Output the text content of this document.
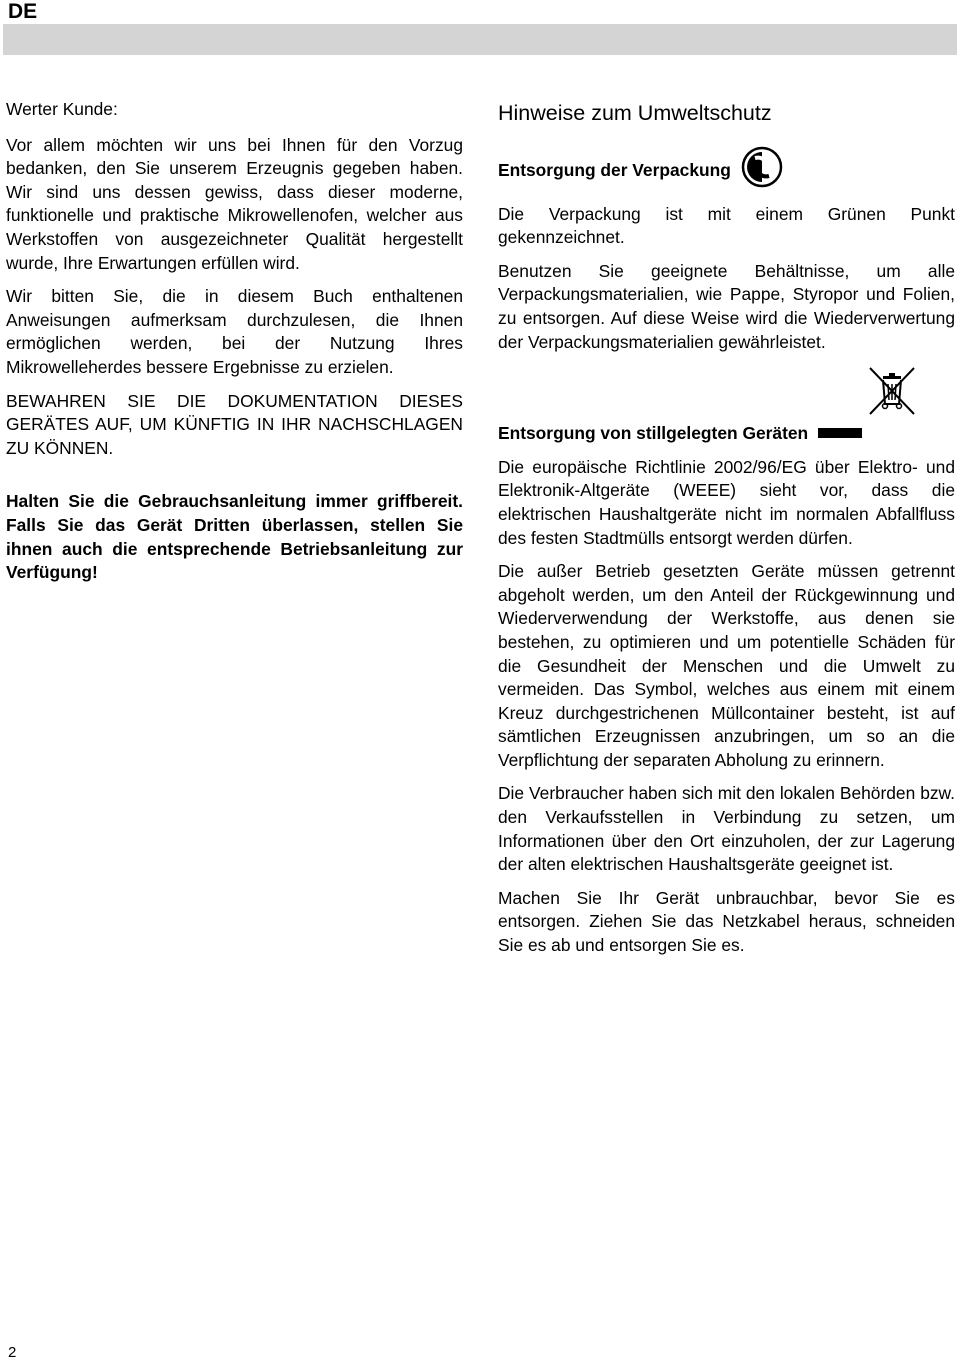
DE

Werter Kunde:

Vor allem möchten wir uns bei Ihnen für den Vorzug bedanken, den Sie unserem Erzeugnis gegeben haben. Wir sind uns dessen gewiss, dass dieser moderne, funktionelle und praktische Mikrowellenofen, welcher aus Werkstoffen von ausgezeichneter Qualität hergestellt wurde, Ihre Erwartungen erfüllen wird.

Wir bitten Sie, die in diesem Buch enthaltenen Anweisungen aufmerksam durchzulesen, die Ihnen ermöglichen werden, bei der Nutzung Ihres Mikrowelleherdes bessere Ergebnisse zu erzielen.

BEWAHREN SIE DIE DOKUMENTATION DIESES GERÄTES AUF, UM KÜNFTIG IN IHR NACHSCHLAGEN ZU KÖNNEN.

Halten Sie die Gebrauchsanleitung immer griffbereit. Falls Sie das Gerät Dritten überlassen, stellen Sie ihnen auch die entsprechende Betriebsanleitung zur Verfügung!

Hinweise zum Umweltschutz
Entsorgung der Verpackung

Die Verpackung ist mit einem Grünen Punkt gekennzeichnet.

Benutzen Sie geeignete Behältnisse, um alle Verpackungsmaterialien, wie Pappe, Styropor und Folien, zu entsorgen. Auf diese Weise wird die Wiederverwertung der Verpackungsmaterialien gewährleistet.

Entsorgung von stillgelegten Geräten

Die europäische Richtlinie 2002/96/EG über Elektro- und Elektronik-Altgeräte (WEEE) sieht vor, dass die elektrischen Haushaltgeräte nicht im normalen Abfallfluss des festen Stadtmülls entsorgt werden dürfen.

Die außer Betrieb gesetzten Geräte müssen getrennt abgeholt werden, um den Anteil der Rückgewinnung und Wiederverwendung der Werkstoffe, aus denen sie bestehen, zu optimieren und um potentielle Schäden für die Gesundheit der Menschen und die Umwelt zu vermeiden. Das Symbol, welches aus einem mit einem Kreuz durchgestrichenen Müllcontainer besteht, ist auf sämtlichen Erzeugnissen anzubringen, um so an die Verpflichtung der separaten Abholung zu erinnern.

Die Verbraucher haben sich mit den lokalen Behörden bzw. den Verkaufsstellen in Verbindung zu setzen, um Informationen über den Ort einzuholen, der zur Lagerung der alten elektrischen Haushaltsgeräte geeignet ist.

Machen Sie Ihr Gerät unbrauchbar, bevor Sie es entsorgen. Ziehen Sie das Netzkabel heraus, schneiden Sie es ab und entsorgen Sie es.

2
